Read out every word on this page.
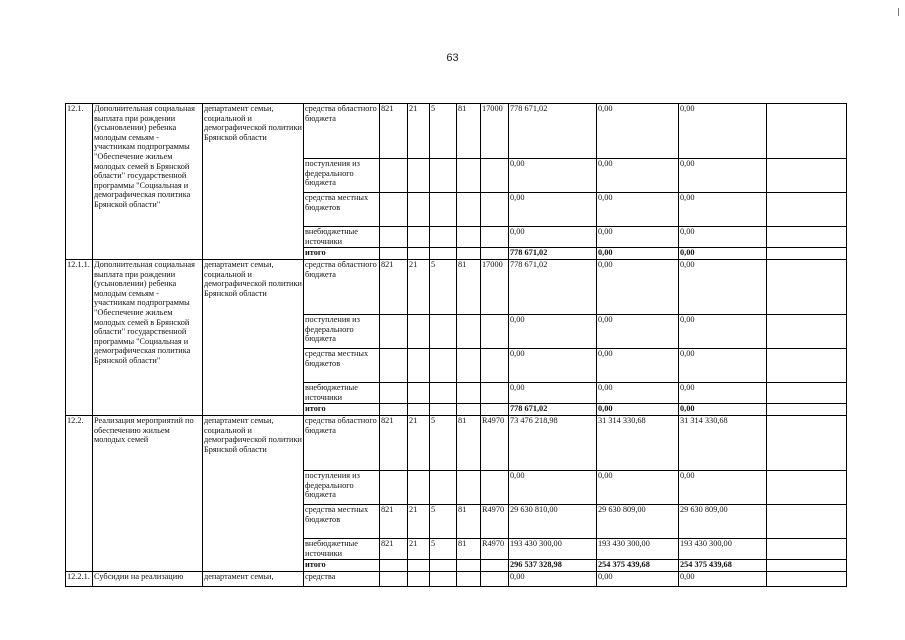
63
12.1.	Дополнительная социальная выплата при рождении (усыновлении) ребенка молодым семьям - участникам подпрограммы "Обеспечение жильем молодых семей в Брянской области" государственной программы "Социальная и демографическая политика Брянской области"	департамент семьи, социальной и демографической политики Брянской области	средства областного бюджета	821	21	5	81	17000	778 671,02	0,00	0,00	
			поступления из федерального бюджета						0,00	0,00	0,00	
			средства местных бюджетов						0,00	0,00	0,00	
			внебюджетные источники						0,00	0,00	0,00	
			итого						778 671,02	0,00	0,00	
12.1.1.	Дополнительная социальная выплата при рождении (усыновлении) ребенка молодым семьям - участникам подпрограммы "Обеспечение жильем молодых семей в Брянской области" государственной программы "Социальная и демографическая политика Брянской области"	департамент семьи, социальной и демографической политики Брянской области	средства областного бюджета	821	21	5	81	17000	778 671,02	0,00	0,00	
			поступления из федерального бюджета						0,00	0,00	0,00	
			средства местных бюджетов						0,00	0,00	0,00	
			внебюджетные источники						0,00	0,00	0,00	
			итого						778 671,02	0,00	0,00	
12.2.	Реализация мероприятий по обеспечению жильем молодых семей	департамент семьи, социальной и демографической политики Брянской области	средства областного бюджета	821	21	5	81	R4970	73 476 218,98	31 314 330,68	31 314 330,68	
			поступления из федерального бюджета						0,00	0,00	0,00	
			средства местных бюджетов	821	21	5	81	R4970	29 630 810,00	29 630 809,00	29 630 809,00	
			внебюджетные источники	821	21	5	81	R4970	193 430 300,00	193 430 300,00	193 430 300,00	
			итого						296 537 328,98	254 375 439,68	254 375 439,68	
12.2.1.	Субсидии на реализацию	департамент семьи,	средства						0,00	0,00	0,00	
